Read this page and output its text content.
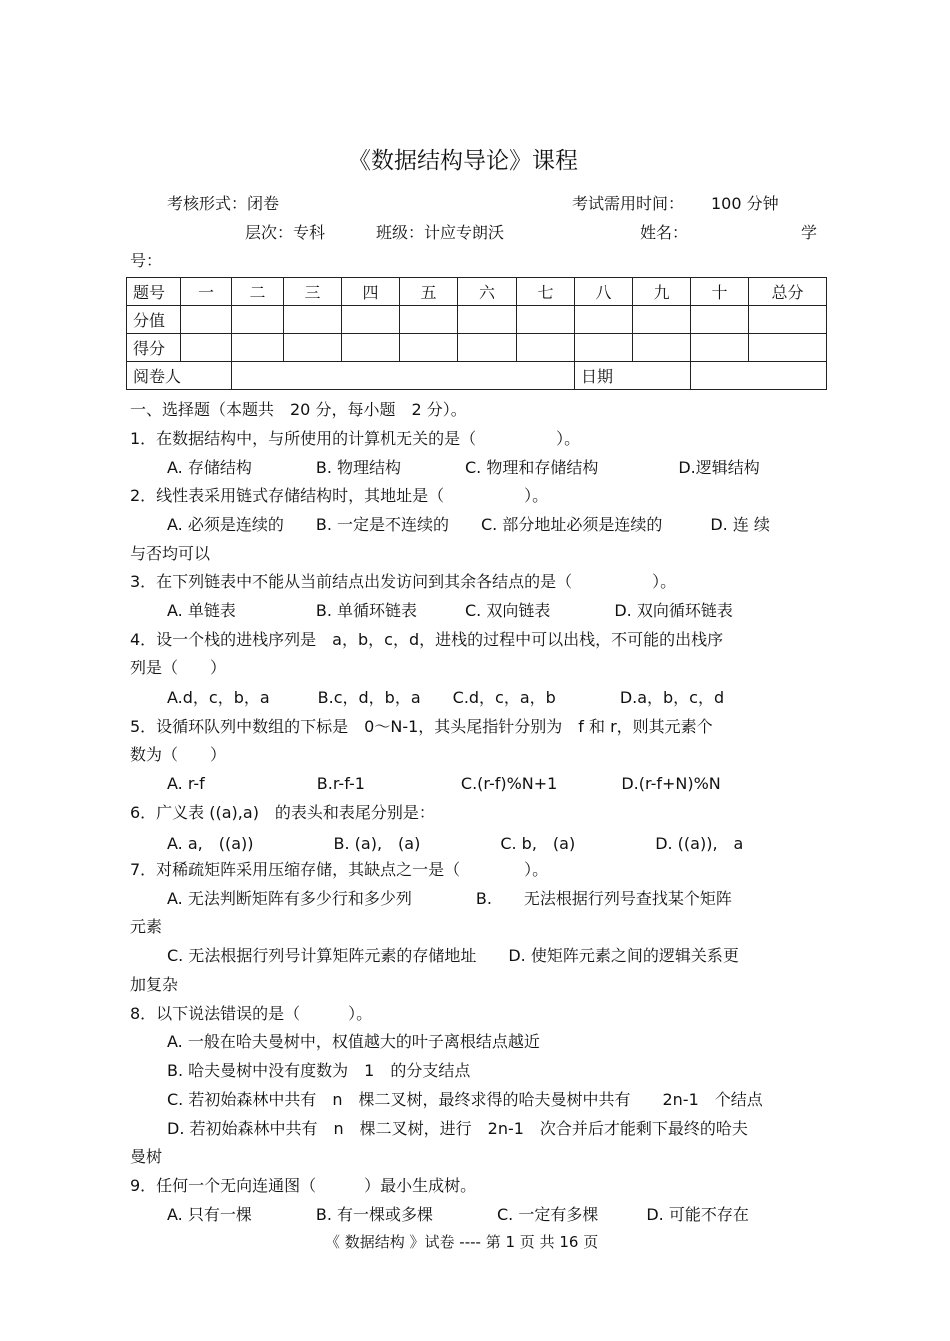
《数据结构导论》课程
考核形式：闭卷	考试需用时间： 100 分钟
层次：专科	班级：计应专朗沃	姓名：	学
号：
题号	一	二	三	四	五	六	七	八	九	十	总分
分值											
得分											
阅卷人								日期			
一、选择题（本题共　20 分，每小题　2 分）。
1．在数据结构中，与所使用的计算机无关的是（　　　　　）。
A. 存储结构　　　　B. 物理结构　　　　C. 物理和存储结构　　　　　D.逻辑结构
2．线性表采用链式存储结构时，其地址是（　　　　　）。
A. 必须是连续的　　B. 一定是不连续的　　C. 部分地址必须是连续的　　　D. 连 续
与否均可以
3．在下列链表中不能从当前结点出发访问到其余各结点的是（　　　　　）。
A. 单链表　　　　　B. 单循环链表　　　C. 双向链表　　　　D. 双向循环链表
4．设一个栈的进栈序列是　a，b，c，d，进栈的过程中可以出栈，不可能的出栈序
列是（　　）
A.d，c，b，a　　　B.c，d，b，a　　C.d，c，a，b　　　　D.a，b，c，d
5．设循环队列中数组的下标是　0～N-1，其头尾指针分别为　f 和 r，则其元素个
数为（　　）
A. r-f　　　　　　　B.r-f-1　　　　　　C.(r-f)%N+1　　　　D.(r-f+N)%N
6．广义表 ((a),a)　的表头和表尾分别是：
A. a,　((a))　　　　　B. (a),　(a)　　　　　C. b,　(a)　　　　　D. ((a)),　a
7．对稀疏矩阵采用压缩存储，其缺点之一是（　　　　）。
A. 无法判断矩阵有多少行和多少列　　　　B.　　无法根据行列号查找某个矩阵
元素
C. 无法根据行列号计算矩阵元素的存储地址　　D. 使矩阵元素之间的逻辑关系更
加复杂
8．以下说法错误的是（　　　）。
A. 一般在哈夫曼树中，权值越大的叶子离根结点越近
B. 哈夫曼树中没有度数为　1　的分支结点
C. 若初始森林中共有　n　棵二叉树，最终求得的哈夫曼树中共有　　2n-1　个结点
D. 若初始森林中共有　n　棵二叉树，进行　2n-1　次合并后才能剩下最终的哈夫
曼树
9．任何一个无向连通图（　　　）最小生成树。
A. 只有一棵　　　　B. 有一棵或多棵　　　　C. 一定有多棵　　　D. 可能不存在
《 数据结构 》试卷 ---- 第 1 页 共 16 页
